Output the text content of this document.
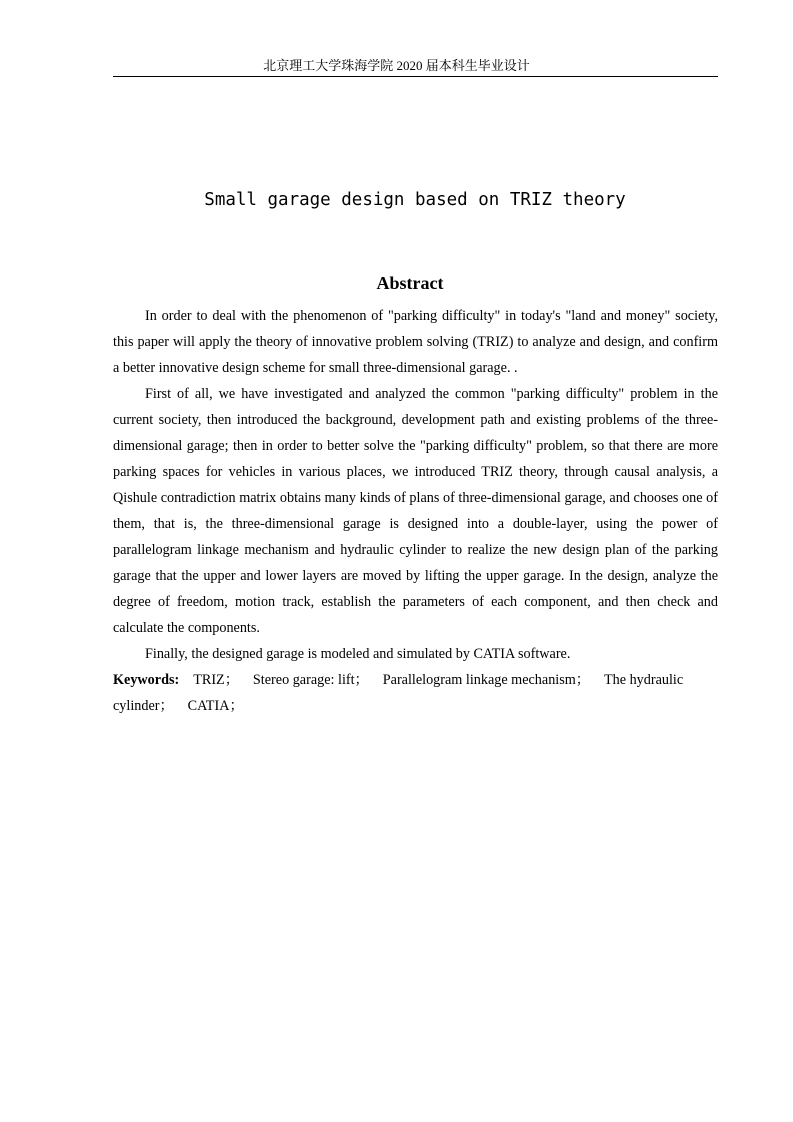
北京理工大学珠海学院 2020 届本科生毕业设计
Small garage design based on TRIZ theory
Abstract

In order to deal with the phenomenon of "parking difficulty" in today's "land and money" society, this paper will apply the theory of innovative problem solving (TRIZ) to analyze and design, and confirm a better innovative design scheme for small three-dimensional garage. .

First of all, we have investigated and analyzed the common "parking difficulty" problem in the current society, then introduced the background, development path and existing problems of the three-dimensional garage; then in order to better solve the "parking difficulty" problem, so that there are more parking spaces for vehicles in various places, we introduced TRIZ theory, through causal analysis, a Qishule contradiction matrix obtains many kinds of plans of three-dimensional garage, and chooses one of them, that is, the three-dimensional garage is designed into a double-layer, using the power of parallelogram linkage mechanism and hydraulic cylinder to realize the new design plan of the parking garage that the upper and lower layers are moved by lifting the upper garage. In the design, analyze the degree of freedom, motion track, establish the parameters of each component, and then check and calculate the components.

Finally, the designed garage is modeled and simulated by CATIA software.

Keywords: TRIZ； Stereo garage: lift； Parallelogram linkage mechanism； The hydraulic cylinder； CATIA；
